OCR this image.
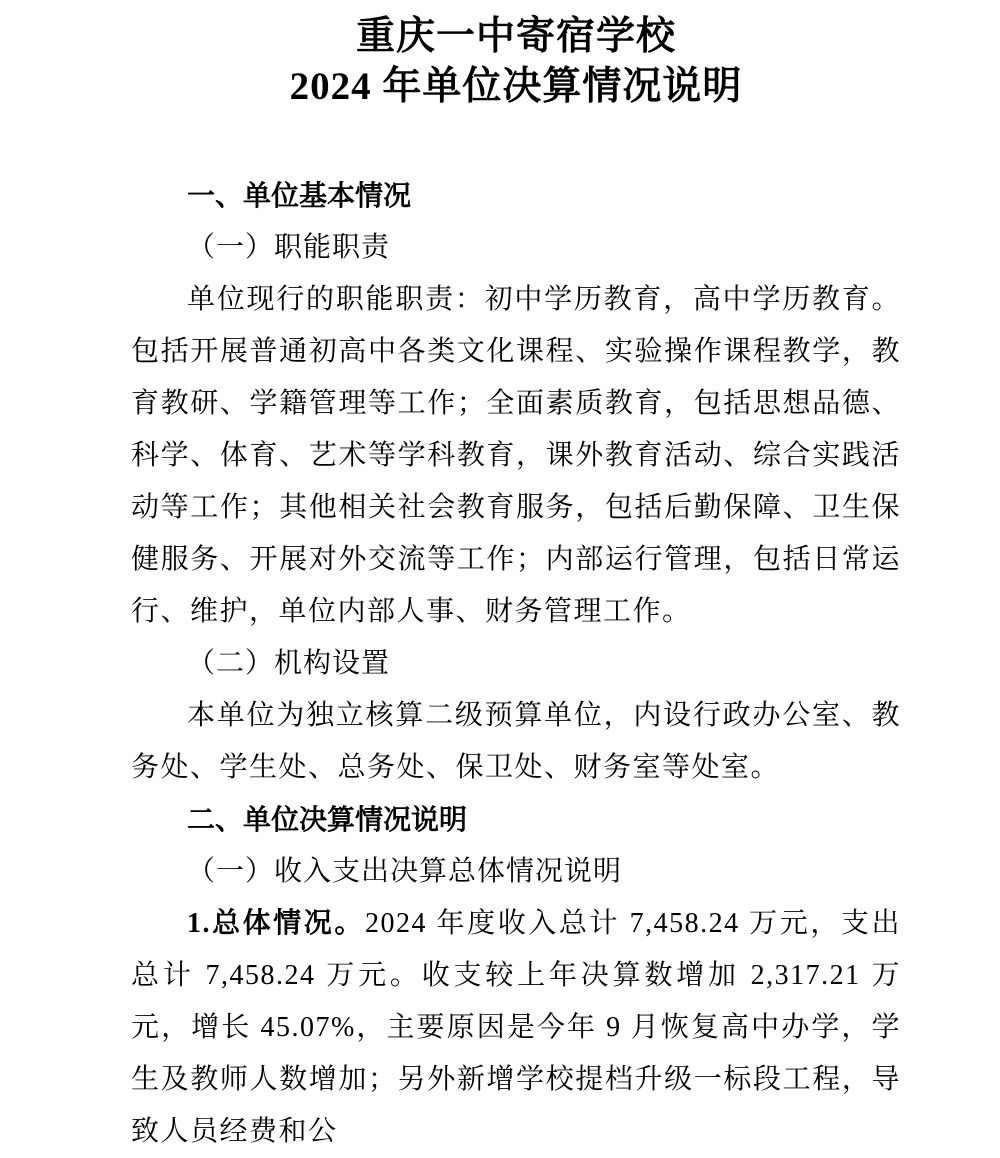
重庆一中寄宿学校
2024 年单位决算情况说明
一、单位基本情况
（一）职能职责
单位现行的职能职责：初中学历教育，高中学历教育。包括开展普通初高中各类文化课程、实验操作课程教学，教育教研、学籍管理等工作；全面素质教育，包括思想品德、科学、体育、艺术等学科教育，课外教育活动、综合实践活动等工作；其他相关社会教育服务，包括后勤保障、卫生保健服务、开展对外交流等工作；内部运行管理，包括日常运行、维护，单位内部人事、财务管理工作。
（二）机构设置
本单位为独立核算二级预算单位，内设行政办公室、教务处、学生处、总务处、保卫处、财务室等处室。
二、单位决算情况说明
（一）收入支出决算总体情况说明
1.总体情况。2024 年度收入总计 7,458.24 万元，支出总计 7,458.24 万元。收支较上年决算数增加 2,317.21 万元，增长 45.07%，主要原因是今年 9 月恢复高中办学，学生及教师人数增加；另外新增学校提档升级一标段工程，导致人员经费和公
